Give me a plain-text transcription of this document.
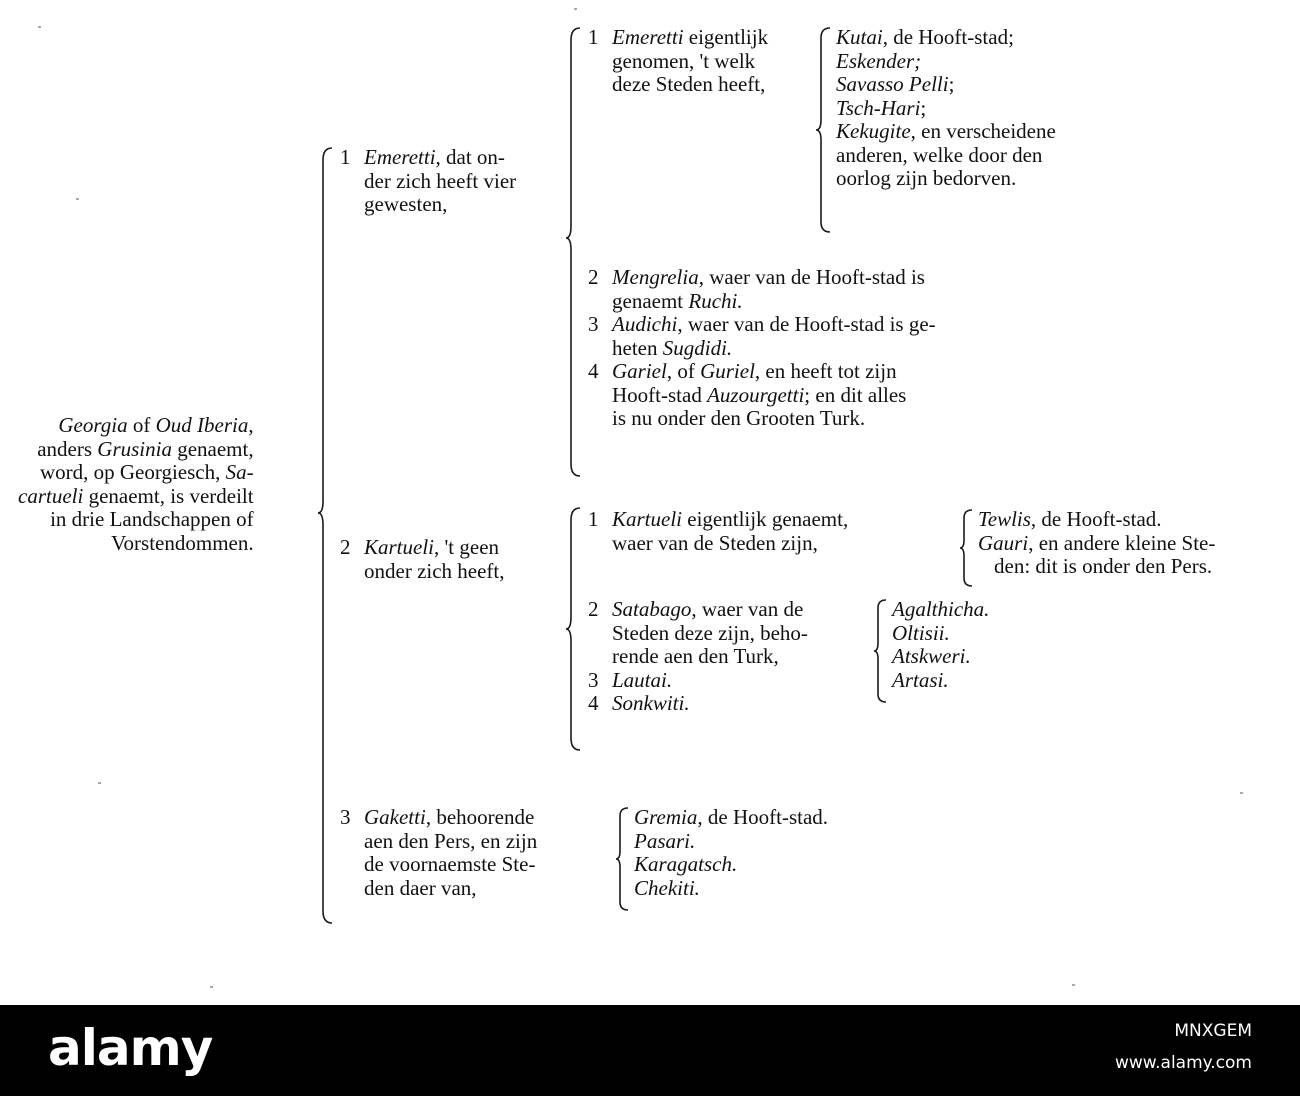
Georgia of Oud Iberia,
anders Grusinia genaemt,
word, op Georgiesch, Sa-
cartueli genaemt, is verdeilt
in drie Landschappen of
Vorstendommen.
1 Emeretti, dat on-
der zich heeft vier
gewesten,
1 Emeretti eigentlijk
genomen, 't welk
deze Steden heeft,
Kutai, de Hooft-stad;
Eskender;
Savasso Pelli;
Tsch-Hari;
Kekugite, en verscheidene
anderen, welke door den
oorlog zijn bedorven.
2 Mengrelia, waer van de Hooft-stad is
genaemt Ruchi.
3 Audichi, waer van de Hooft-stad is ge-
heten Sugdidi.
4 Gariel, of Guriel, en heeft tot zijn
Hooft-stad Auzourgetti; en dit alles
is nu onder den Grooten Turk.
2 Kartueli, 't geen
onder zich heeft,
1 Kartueli eigentlijk genaemt,
waer van de Steden zijn,
Tewlis, de Hooft-stad.
Gauri, en andere kleine Ste-
den: dit is onder den Pers.
2 Satabago, waer van de
Steden deze zijn, beho-
rende aen den Turk,
3 Lautai.
4 Sonkwiti.
Agalthicha.
Oltisii.
Atskweri.
Artasi.
3 Gaketti, behoorende
aen den Pers, en zijn
de voornaemste Ste-
den daer van,
Gremia, de Hooft-stad.
Pasari.
Karagatsch.
Chekiti.
alamy	MNXGEM
www.alamy.com
